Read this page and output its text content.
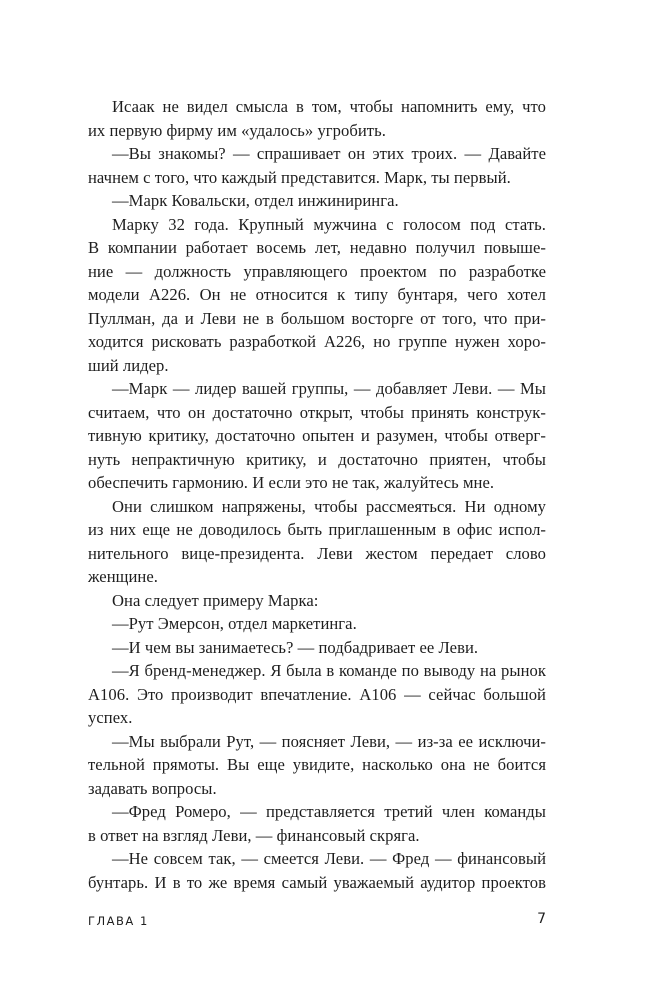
Исаак не видел смысла в том, чтобы напомнить ему, что
их первую фирму им «удалось» угробить.
—Вы знакомы? — спрашивает он этих троих. — Давайте
начнем с того, что каждый представится. Марк, ты первый.
—Марк Ковальски, отдел инжиниринга.
Марку 32 года. Крупный мужчина с голосом под стать.
В компании работает восемь лет, недавно получил повыше-
ние — должность управляющего проектом по разработке
модели А226. Он не относится к типу бунтаря, чего хотел
Пуллман, да и Леви не в большом восторге от того, что при-
ходится рисковать разработкой А226, но группе нужен хоро-
ший лидер.
—Марк — лидер вашей группы, — добавляет Леви. — Мы
считаем, что он достаточно открыт, чтобы принять конструк-
тивную критику, достаточно опытен и разумен, чтобы отверг-
нуть непрактичную критику, и достаточно приятен, чтобы
обеспечить гармонию. И если это не так, жалуйтесь мне.
Они слишком напряжены, чтобы рассмеяться. Ни одному
из них еще не доводилось быть приглашенным в офис испол-
нительного вице-президента. Леви жестом передает слово
женщине.
Она следует примеру Марка:
—Рут Эмерсон, отдел маркетинга.
—И чем вы занимаетесь? — подбадривает ее Леви.
—Я бренд-менеджер. Я была в команде по выводу на рынок
А106. Это производит впечатление. А106 — сейчас большой
успех.
—Мы выбрали Рут, — поясняет Леви, — из-за ее исключи-
тельной прямоты. Вы еще увидите, насколько она не боится
задавать вопросы.
—Фред Ромеро, — представляется третий член команды
в ответ на взгляд Леви, — финансовый скряга.
—Не совсем так, — смеется Леви. — Фред — финансовый
бунтарь. И в то же время самый уважаемый аудитор проектов
ГЛАВА 1	7
